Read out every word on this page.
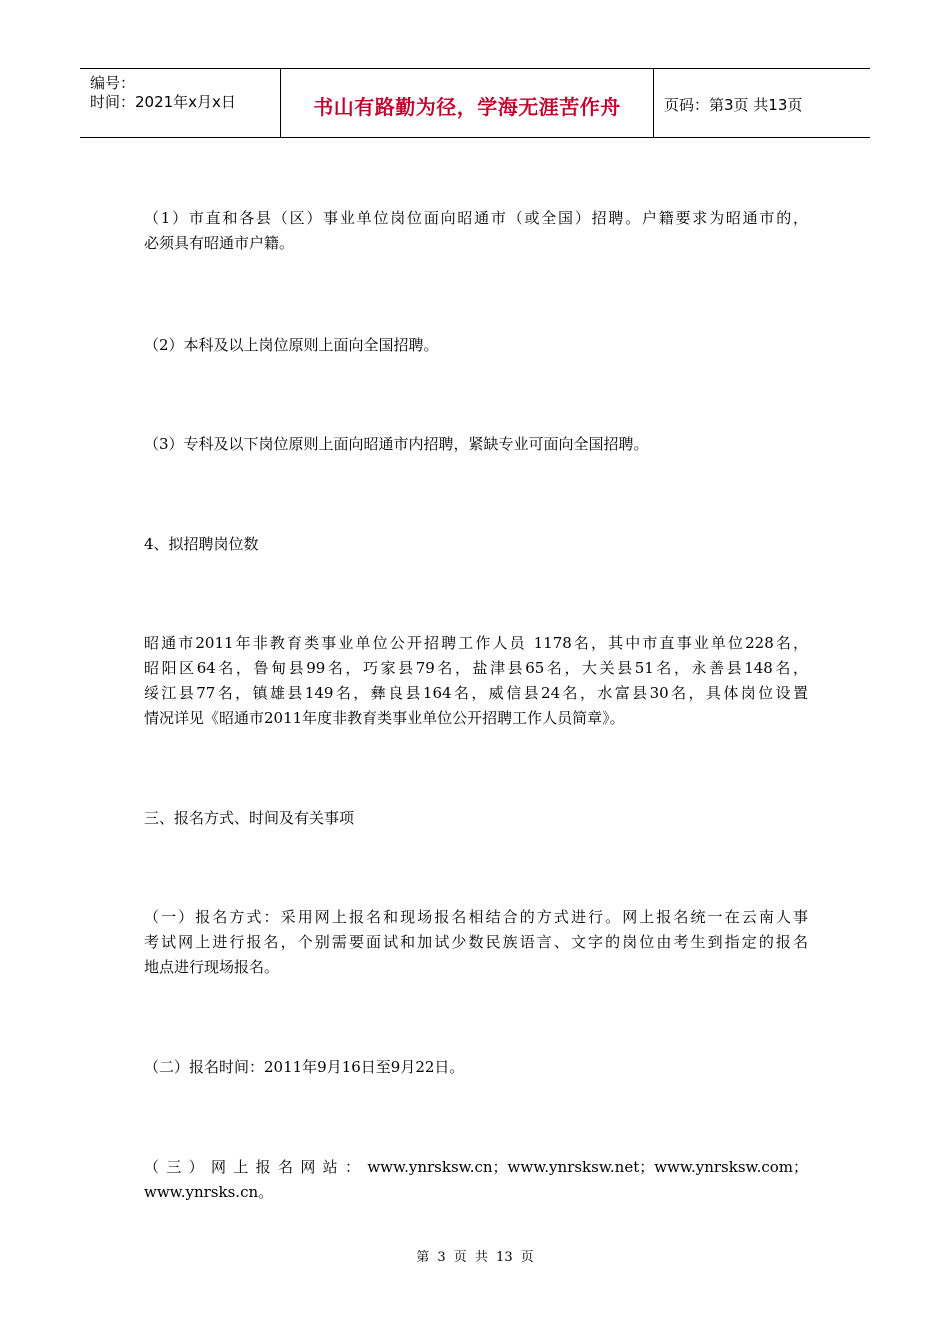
编号：
时间：2021年x月x日	书山有路勤为径，学海无涯苦作舟	页码：第3页 共13页

（1）市直和各县（区）事业单位岗位面向昭通市（或全国）招聘。户籍要求为昭通市的，

必须具有昭通市户籍。

（2）本科及以上岗位原则上面向全国招聘。

（3）专科及以下岗位原则上面向昭通市内招聘，紧缺专业可面向全国招聘。

4、拟招聘岗位数

昭通市2011年非教育类事业单位公开招聘工作人员 1178名，其中市直事业单位228名，

昭阳区64名，鲁甸县99名，巧家县79名，盐津县65名，大关县51名，永善县148名，

绥江县77名，镇雄县149名，彝良县164名，威信县24名，水富县30名，具体岗位设置

情况详见《昭通市2011年度非教育类事业单位公开招聘工作人员简章》。

三、报名方式、时间及有关事项

（一）报名方式：采用网上报名和现场报名相结合的方式进行。网上报名统一在云南人事

考试网上进行报名，个别需要面试和加试少数民族语言、文字的岗位由考生到指定的报名

地点进行现场报名。

（二）报名时间：2011年9月16日至9月22日。

（三）网上报名网站：www.ynrsksw.cn；www.ynrsksw.net；www.ynrsksw.com；

www.ynrsks.cn。

第 3 页 共 13 页
